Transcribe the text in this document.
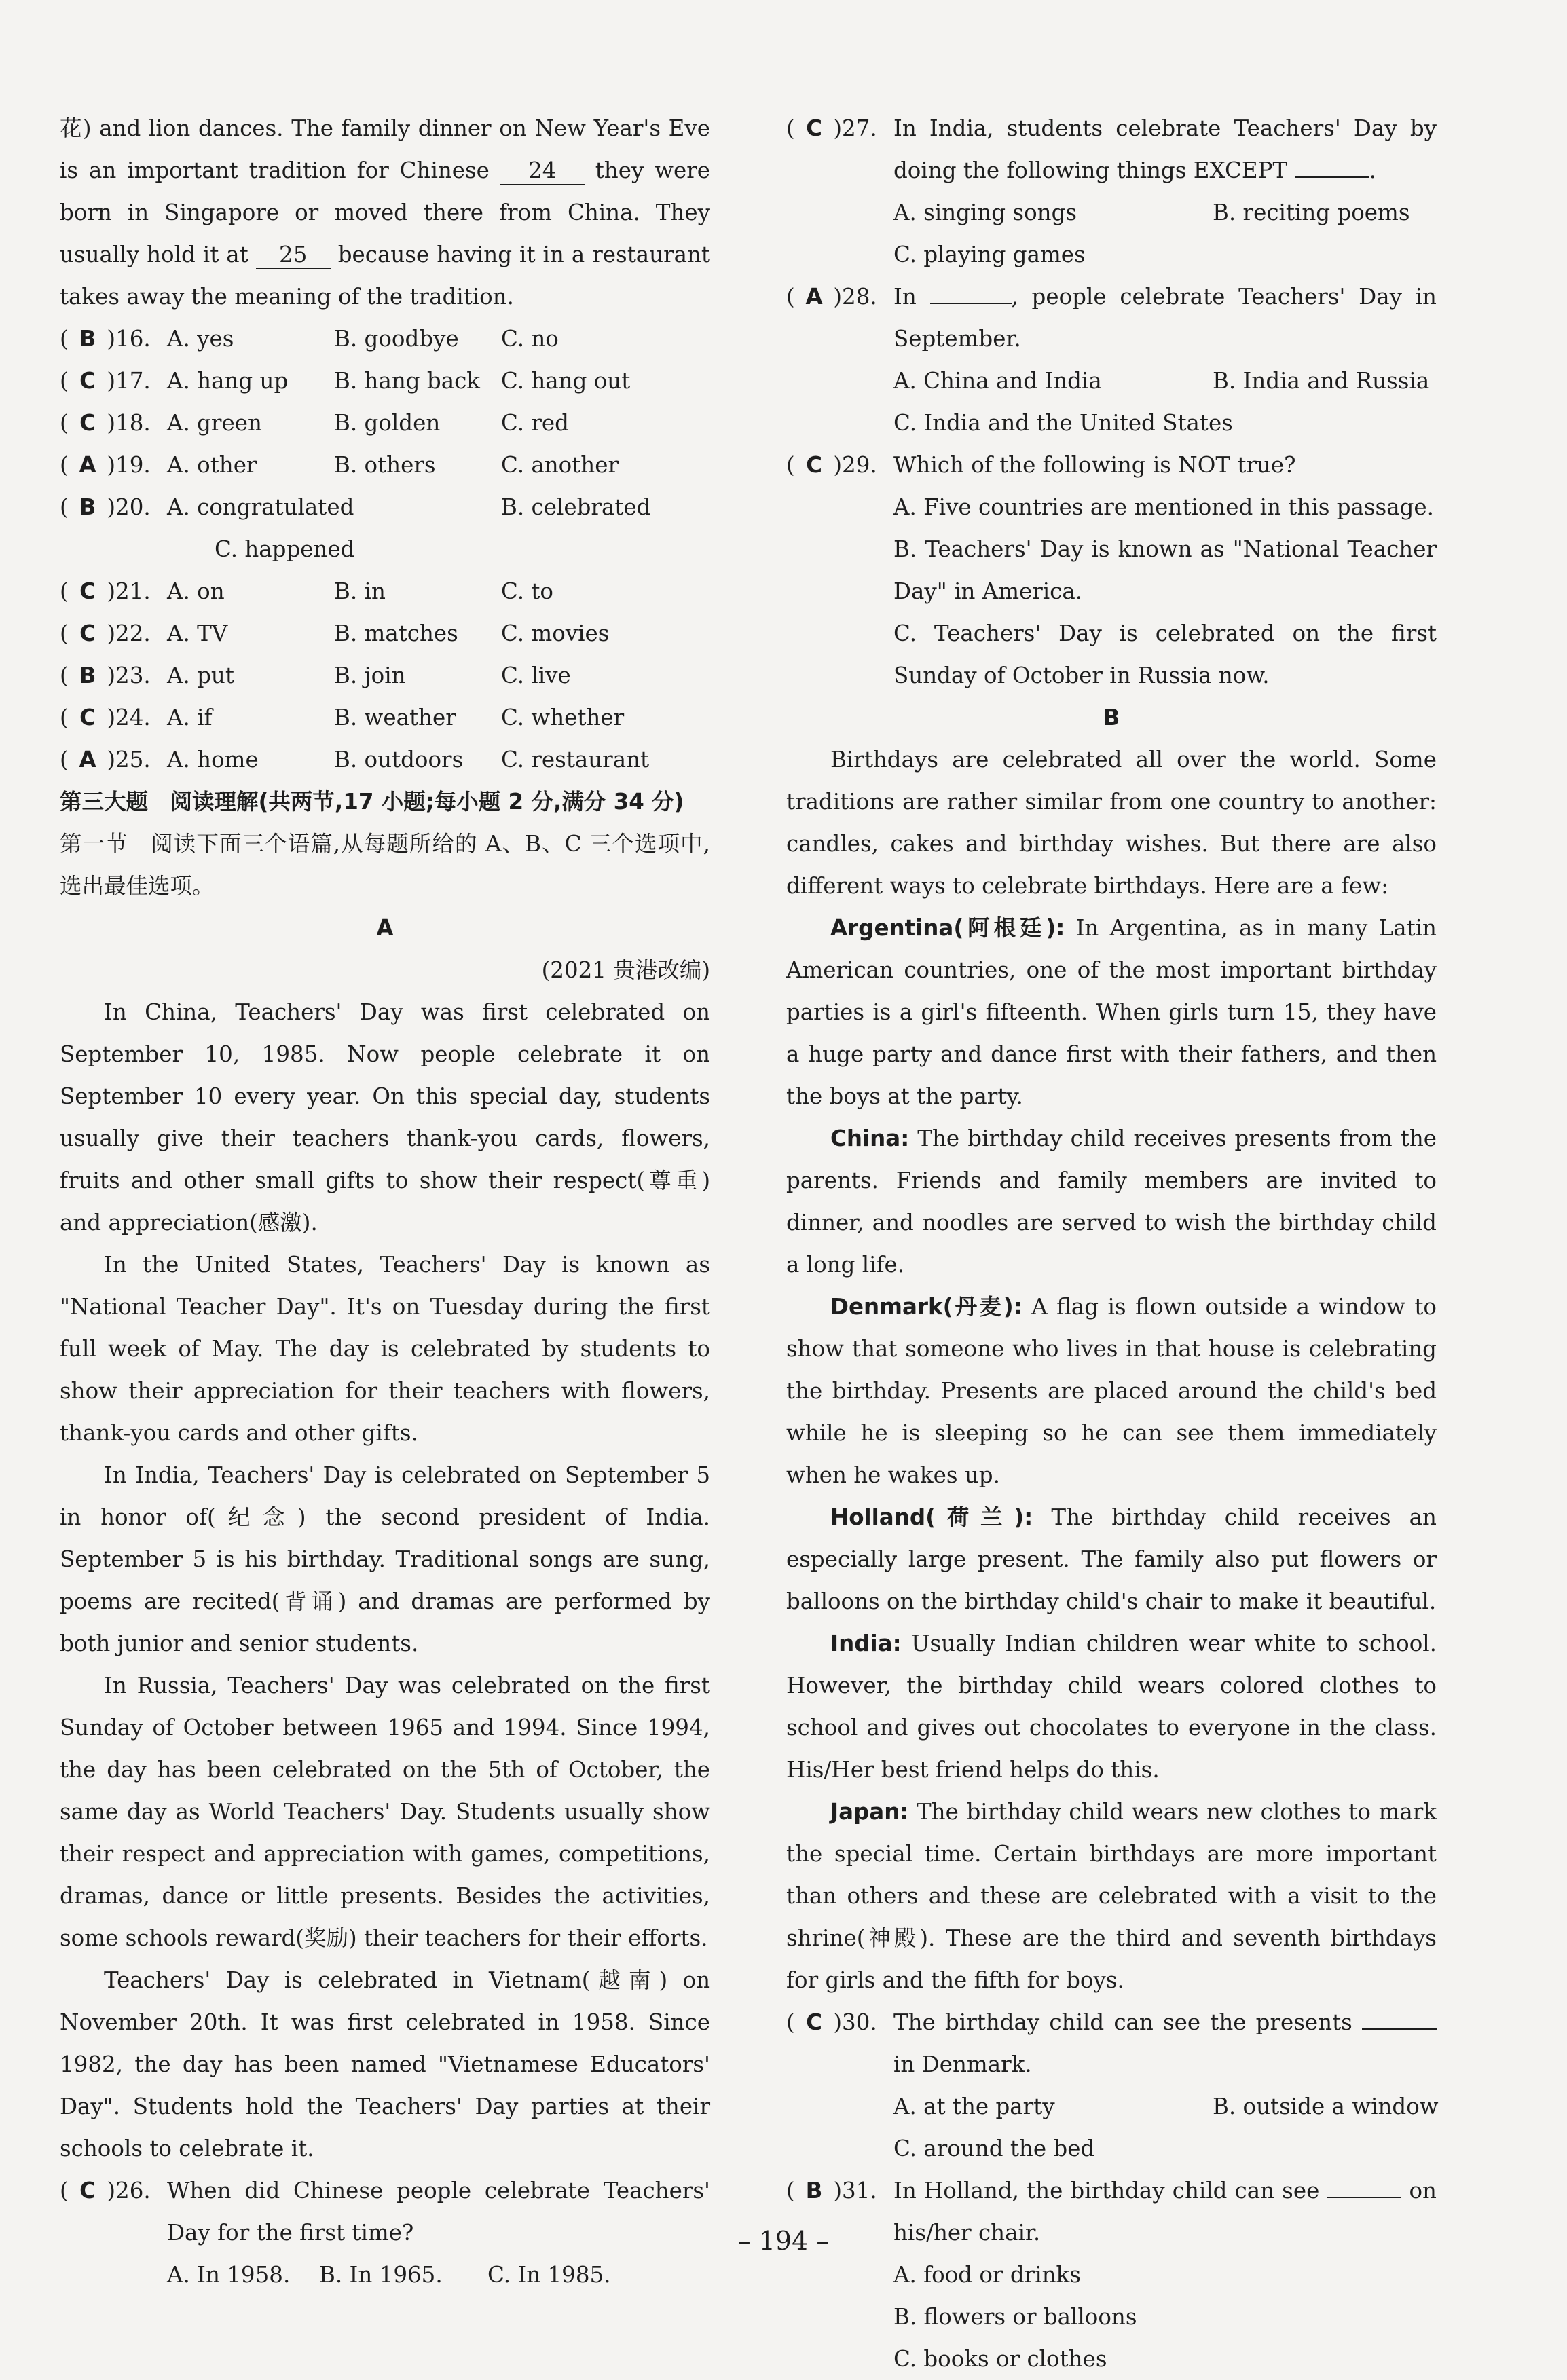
花) and lion dances. The family dinner on New Year's Eve is an important tradition for Chinese 24 they were born in Singapore or moved there from China. They usually hold it at 25 because having it in a restaurant takes away the meaning of the tradition.

( B )16. A. yes	B. goodbye	C. no
( C )17. A. hang up	B. hang back C. hang out
( C )18. A. green	B. golden	C. red
( A )19. A. other	B. others	C. another
( B )20. A. congratulated	B. celebrated
C. happened
( C )21. A. on	B. in	C. to
( C )22. A. TV	B. matches	C. movies
( B )23. A. put	B. join	C. live
( C )24. A. if	B. weather	C. whether
( A )25. A. home	B. outdoors	C. restaurant

第三大题　阅读理解(共两节,17 小题;每小题 2 分,满分 34 分)

第一节　阅读下面三个语篇,从每题所给的 A、B、C 三个选项中,选出最佳选项。

A

(2021 贵港改编)

In China, Teachers' Day was first celebrated on September 10, 1985. Now people celebrate it on September 10 every year. On this special day, students usually give their teachers thank-you cards, flowers, fruits and other small gifts to show their respect(尊重) and appreciation(感激).

In the United States, Teachers' Day is known as "National Teacher Day". It's on Tuesday during the first full week of May. The day is celebrated by students to show their appreciation for their teachers with flowers, thank-you cards and other gifts.

In India, Teachers' Day is celebrated on September 5 in honor of(纪念) the second president of India. September 5 is his birthday. Traditional songs are sung, poems are recited(背诵) and dramas are performed by both junior and senior students.

In Russia, Teachers' Day was celebrated on the first Sunday of October between 1965 and 1994. Since 1994, the day has been celebrated on the 5th of October, the same day as World Teachers' Day. Students usually show their respect and appreciation with games, competitions, dramas, dance or little presents. Besides the activities, some schools reward(奖励) their teachers for their efforts.

Teachers' Day is celebrated in Vietnam(越南) on November 20th. It was first celebrated in 1958. Since 1982, the day has been named "Vietnamese Educators' Day". Students hold the Teachers' Day parties at their schools to celebrate it.

( C )26. When did Chinese people celebrate Teachers' Day for the first time?
A. In 1958.	B. In 1965.	C. In 1985.
( C )27. In India, students celebrate Teachers' Day by doing the following things EXCEPT	.
A. singing songs	B. reciting poems
C. playing games
( A )28. In	, people celebrate Teachers' Day in September.
A. China and India	B. India and Russia
C. India and the United States
( C )29. Which of the following is NOT true?
A. Five countries are mentioned in this passage.
B. Teachers' Day is known as "National Teacher Day" in America.
C. Teachers' Day is celebrated on the first Sunday of October in Russia now.

B

Birthdays are celebrated all over the world. Some traditions are rather similar from one country to another: candles, cakes and birthday wishes. But there are also different ways to celebrate birthdays. Here are a few:

Argentina(阿根廷): In Argentina, as in many Latin American countries, one of the most important birthday parties is a girl's fifteenth. When girls turn 15, they have a huge party and dance first with their fathers, and then the boys at the party.

China: The birthday child receives presents from the parents. Friends and family members are invited to dinner, and noodles are served to wish the birthday child a long life.

Denmark(丹麦): A flag is flown outside a window to show that someone who lives in that house is celebrating the birthday. Presents are placed around the child's bed while he is sleeping so he can see them immediately when he wakes up.

Holland(荷兰): The birthday child receives an especially large present. The family also put flowers or balloons on the birthday child's chair to make it beautiful.

India: Usually Indian children wear white to school. However, the birthday child wears colored clothes to school and gives out chocolates to everyone in the class. His/Her best friend helps do this.

Japan: The birthday child wears new clothes to mark the special time. Certain birthdays are more important than others and these are celebrated with a visit to the shrine(神殿). These are the third and seventh birthdays for girls and the fifth for boys.

( C )30. The birthday child can see the presents  in Denmark.
A. at the party	B. outside a window
C. around the bed
( B )31. In Holland, the birthday child can see	on his/her chair.
A. food or drinks
B. flowers or balloons
C. books or clothes
– 194 –
